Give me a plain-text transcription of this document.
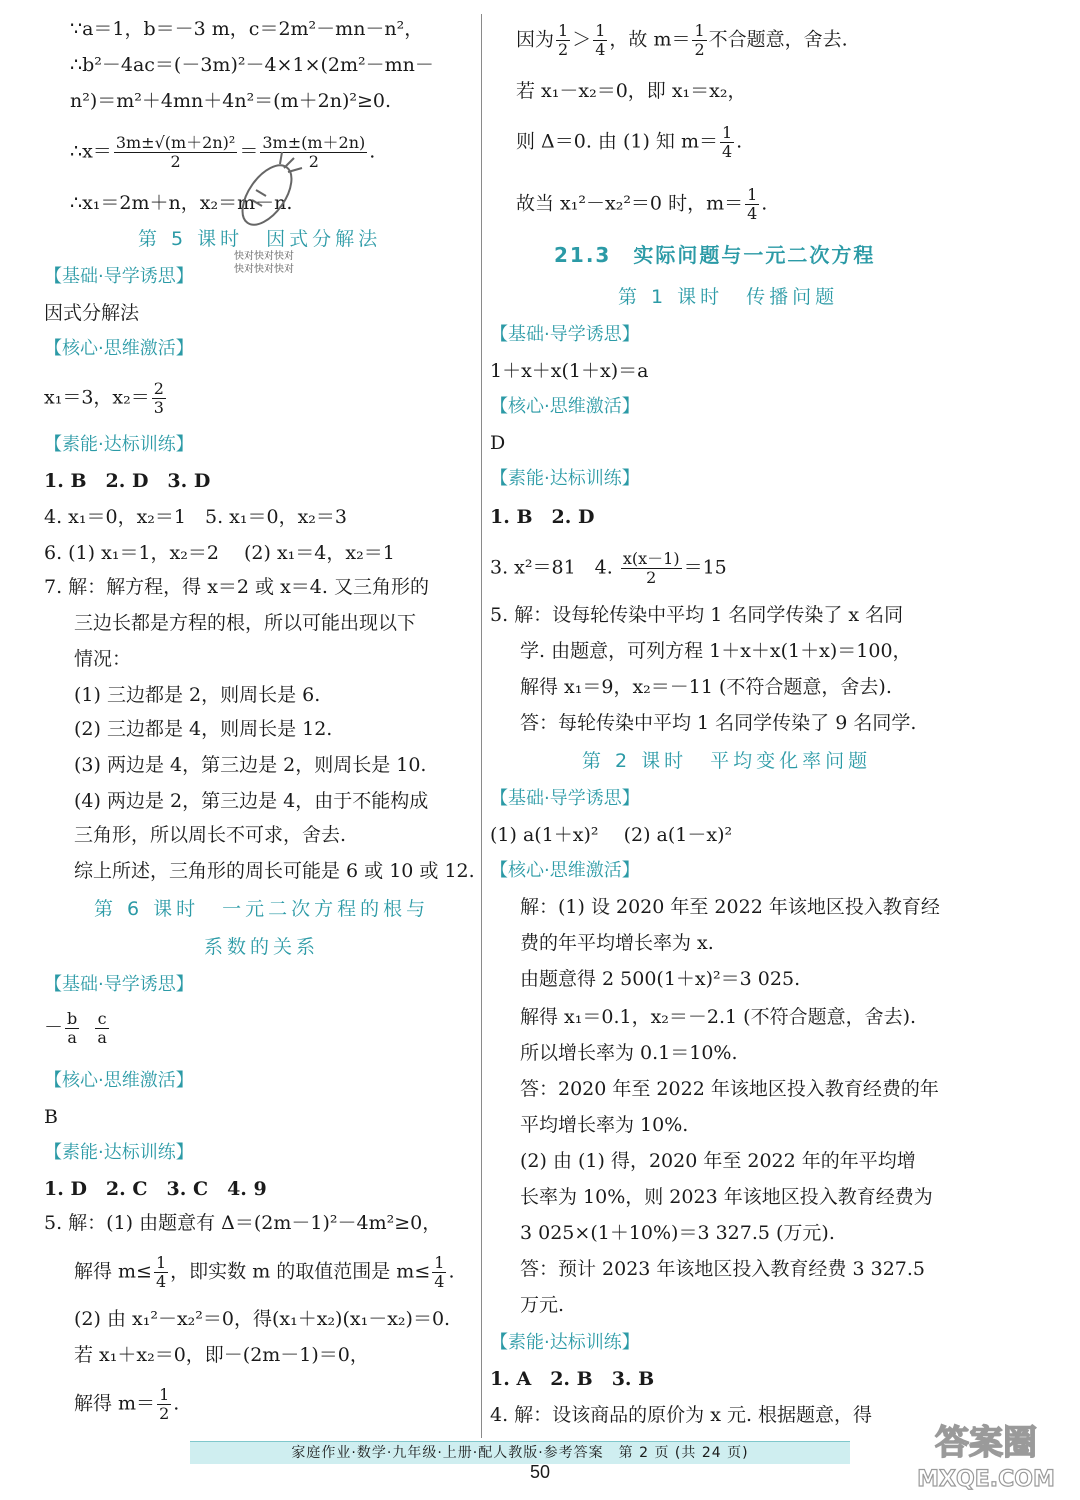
∵a＝1，b＝－3 m，c＝2m²－mn－n²，
∴b²－4ac＝(－3m)²－4×1×(2m²－mn－
n²)＝m²＋4mn＋4n²＝(m＋2n)²≥0.
∴x＝ $\frac{\text{3m±√(m＋2n)²}}{2} = \frac{3m\pm(m+2n)}{2}$ .
∴x₁＝2m＋n，x₂＝m－n.
第 5 课时　因式分解法
【基础·导学诱思】
因式分解法
【核心·思维激活】
x₁＝3，$x_2= \frac{2}{3}$
【素能·达标训练】
1. B　2. D　3. D
4. x₁＝0，x₂＝1　5. x₁＝0，x₂＝3
6. (1) x₁＝1，x₂＝2　 (2) x₁＝4，x₂＝1
7. 解：解方程，得 x＝2 或 x＝4. 又三角形的
三边长都是方程的根，所以可能出现以下
情况：
(1) 三边都是 2，则周长是 6.
(2) 三边都是 4，则周长是 12.
(3) 两边是 4，第三边是 2，则周长是 10.
(4) 两边是 2，第三边是 4，由于不能构成
三角形，所以周长不可求，舍去.
综上所述，三角形的周长可能是 6 或 10 或 12.
第 6 课时　一元二次方程的根与
系数的关系
【基础·导学诱思】
－ $\frac{b}{a}$
$\frac{c}{a}$
【核心·思维激活】
B
【素能·达标训练】
1. D　2. C　3. C　4. 9
5. 解：(1) 由题意有 Δ＝(2m－1)²－4m²≥0，
解得 $m\le \frac{1}{4}$ ，即实数 m 的取值范围是 $m\le \frac{1}{4}$ .
(2) 由 x₁²－x₂²＝0，得(x₁＋x₂)(x₁－x₂)＝0.
若 x₁＋x₂＝0，即－(2m－1)＝0，
解得 $m= \frac{1}{2}$ .
快对快对快对
快对快对快对
因为 $\frac{1}{2} > \frac{1}{4}$ ，故 $m= \frac{1}{2}$ 不合题意，舍去.
若 x₁－x₂＝0，即 x₁＝x₂，
则 Δ＝0. 由 (1) 知 $m= \frac{1}{4}$ .
故当 x₁²－x₂²＝0 时，$m= \frac{1}{4}$ .
21.3　实际问题与一元二次方程
第 1 课时　传播问题
【基础·导学诱思】
1＋x＋x(1＋x)＝a
【核心·思维激活】
D
【素能·达标训练】
1. B　2. D
3. x²＝81　4. $\frac{x(x-1)}{2} =15$
5. 解：设每轮传染中平均 1 名同学传染了 x 名同
学. 由题意，可列方程 1＋x＋x(1＋x)＝100，
解得 x₁＝9，x₂＝－11 (不符合题意，舍去).
答：每轮传染中平均 1 名同学传染了 9 名同学.
第 2 课时　平均变化率问题
【基础·导学诱思】
(1) a(1＋x)²　 (2) a(1－x)²
【核心·思维激活】
解：(1) 设 2020 年至 2022 年该地区投入教育经
费的年平均增长率为 x.
由题意得 2 500(1＋x)²＝3 025.
解得 x₁＝0.1，x₂＝－2.1 (不符合题意，舍去).
所以增长率为 0.1＝10%.
答：2020 年至 2022 年该地区投入教育经费的年
平均增长率为 10%.
(2) 由 (1) 得，2020 年至 2022 年的年平均增
长率为 10%，则 2023 年该地区投入教育经费为
3 025×(1＋10%)＝3 327.5 (万元).
答：预计 2023 年该地区投入教育经费 3 327.5
万元.
【素能·达标训练】
1. A　2. B　3. B
4. 解：设该商品的原价为 x 元. 根据题意，得
家庭作业·数学·九年级·上册·配人教版·参考答案　第 2 页 (共 24 页)
50
答案圈
MXQE.COM
